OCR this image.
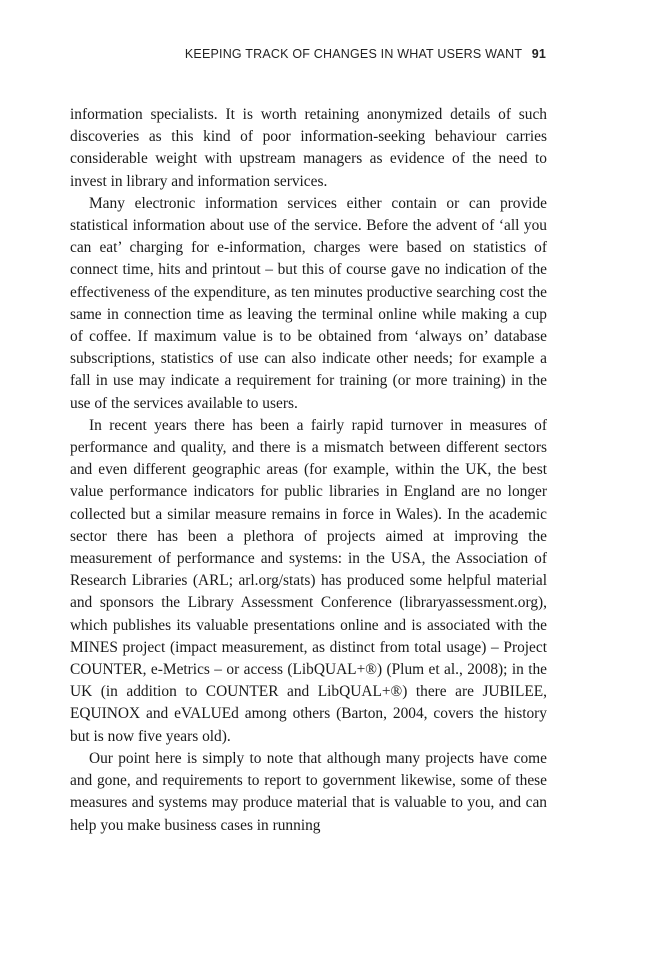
KEEPING TRACK OF CHANGES IN WHAT USERS WANT 91

information specialists. It is worth retaining anonymized details of such discoveries as this kind of poor information-seeking behaviour carries considerable weight with upstream managers as evidence of the need to invest in library and information services.

Many electronic information services either contain or can provide statistical information about use of the service. Before the advent of ‘all you can eat’ charging for e-information, charges were based on statistics of connect time, hits and printout – but this of course gave no indication of the effectiveness of the expenditure, as ten minutes productive searching cost the same in connection time as leaving the terminal online while making a cup of coffee. If maximum value is to be obtained from ‘always on’ database subscriptions, statistics of use can also indicate other needs; for example a fall in use may indicate a requirement for training (or more training) in the use of the services available to users.

In recent years there has been a fairly rapid turnover in measures of performance and quality, and there is a mismatch between different sectors and even different geographic areas (for example, within the UK, the best value performance indicators for public libraries in England are no longer collected but a similar measure remains in force in Wales). In the academic sector there has been a plethora of projects aimed at improving the measurement of performance and systems: in the USA, the Association of Research Libraries (ARL; arl.org/stats) has produced some helpful material and sponsors the Library Assessment Conference (libraryassessment.org), which publishes its valuable presentations online and is associated with the MINES project (impact measurement, as distinct from total usage) – Project COUNTER, e-Metrics – or access (LibQUAL+®) (Plum et al., 2008); in the UK (in addition to COUNTER and LibQUAL+®) there are JUBILEE, EQUINOX and eVALUEd among others (Barton, 2004, covers the history but is now five years old).

Our point here is simply to note that although many projects have come and gone, and requirements to report to government likewise, some of these measures and systems may produce material that is valuable to you, and can help you make business cases in running
